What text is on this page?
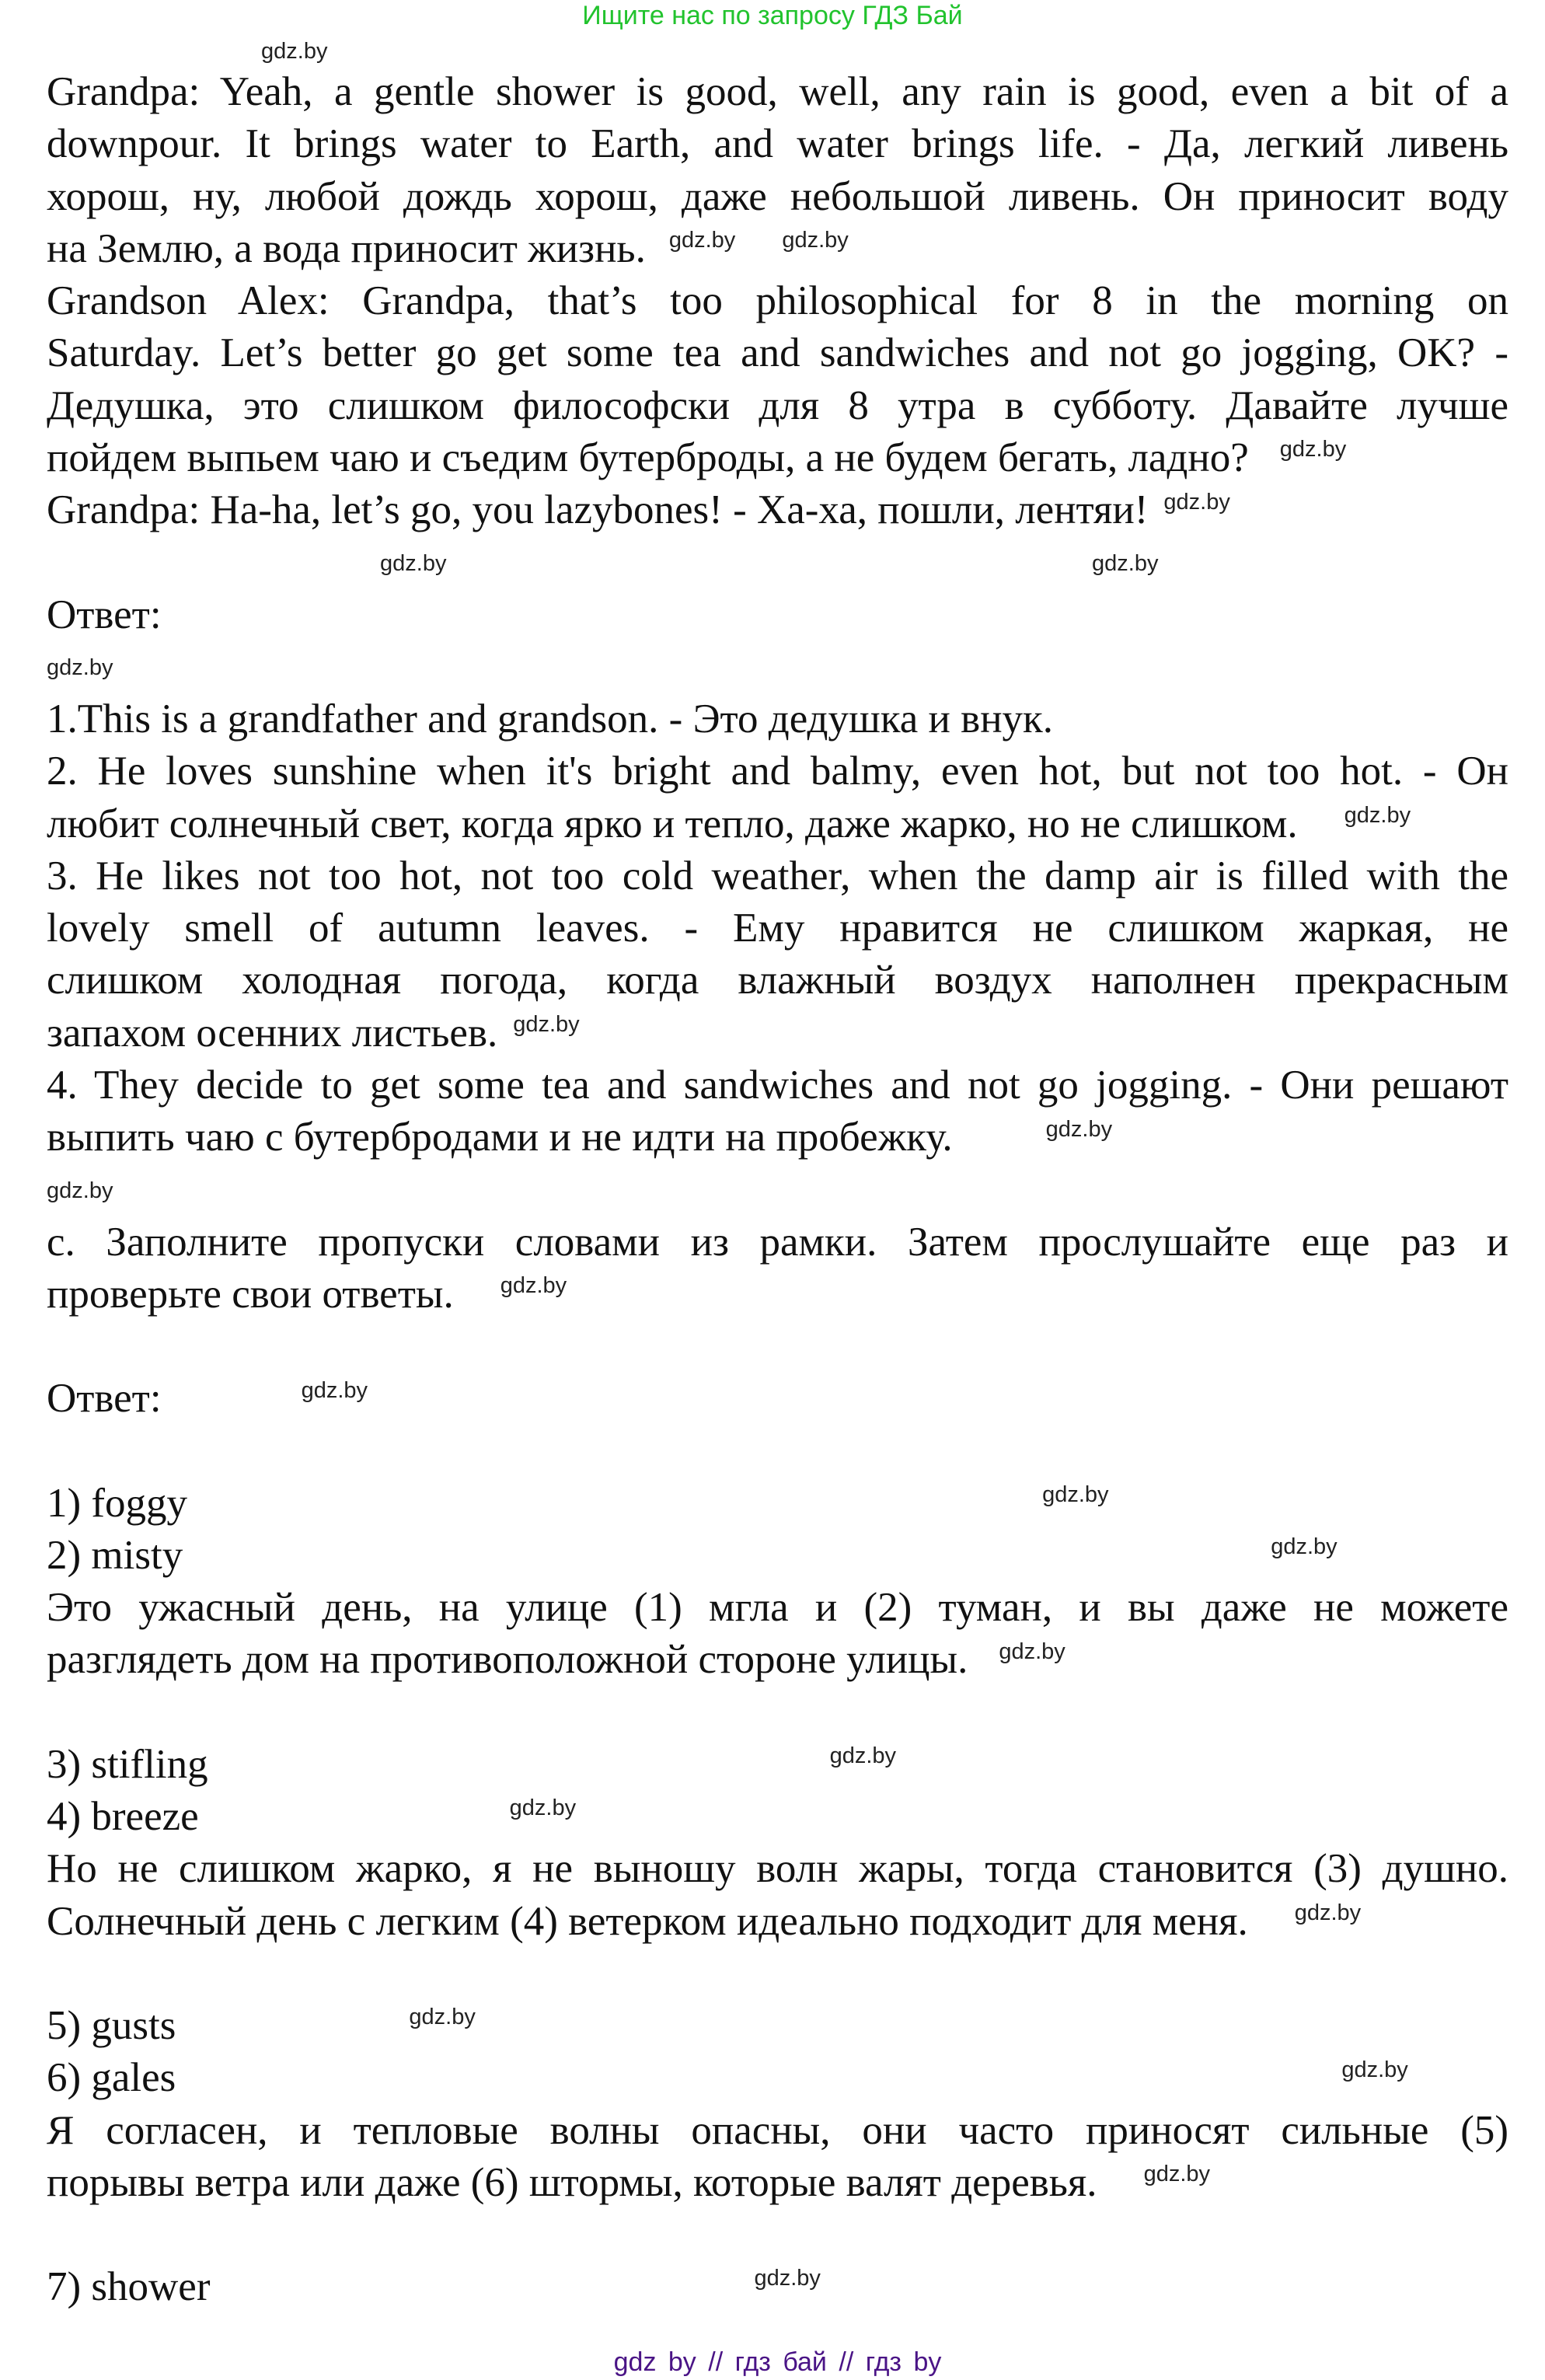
Ищите нас по запросу ГДЗ Бай
gdz.by
Grandpa: Yeah, a gentle shower is good, well, any rain is good, even a bit of a
downpour. It brings water to Earth, and water brings life. - Да, легкий ливень
хорош, ну, любой дождь хорош, даже небольшой ливень. Он приносит воду
на Землю, а вода приносит жизнь. $^{gdz.by}$ $^{gdz.by}$
Grandson Alex: Grandpa, that’s too philosophical for 8 in the morning on
Saturday. Let’s better go get some tea and sandwiches and not go jogging, OK? -
Дедушка, это слишком философски для 8 утра в субботу. Давайте лучше
пойдем выпьем чаю и съедим бутерброды, а не будем бегать, ладно? $^{gdz.by}$
Grandpa: Ha-ha, let’s go, you lazybones! - Ха-ха, пошли, лентяи! $^{gdz.by}$
gdz.by	gdz.by
Ответ:
gdz.by
1.This is a grandfather and grandson. - Это дедушка и внук.
2. He loves sunshine when it's bright and balmy, even hot, but not too hot. - Он
любит солнечный свет, когда ярко и тепло, даже жарко, но не слишком. $^{gdz.by}$
3. He likes not too hot, not too cold weather, when the damp air is filled with the
lovely smell of autumn leaves. - Ему нравится не слишком жаркая, не
слишком холодная погода, когда влажный воздух наполнен прекрасным
запахом осенних листьев. $^{gdz.by}$
4. They decide to get some tea and sandwiches and not go jogging. - Они решают
выпить чаю с бутербродами и не идти на пробежку.	$^{gdz.by}$
gdz.by
c. Заполните пропуски словами из рамки. Затем прослушайте еще раз и
проверьте свои ответы. $^{gdz.by}$
Ответ:	$^{gdz.by}$
1) foggy	$^{gdz.by}$
2) misty	$^{gdz.by}$
Это ужасный день, на улице (1) мгла и (2) туман, и вы даже не можете
разглядеть дом на противоположной стороне улицы. $^{gdz.by}$
3) stifling	$^{gdz.by}$
4) breeze	$^{gdz.by}$
Но не слишком жарко, я не выношу волн жары, тогда становится (3) душно.
Солнечный день с легким (4) ветерком идеально подходит для меня. $^{gdz.by}$
5) gusts	$^{gdz.by}$
6) gales	$^{gdz.by}$
Я согласен, и тепловые волны опасны, они часто приносят сильные (5)
порывы ветра или даже (6) штормы, которые валят деревья. $^{gdz.by}$
7) shower	$^{gdz.by}$
gdz by // гдз бай // гдз by
